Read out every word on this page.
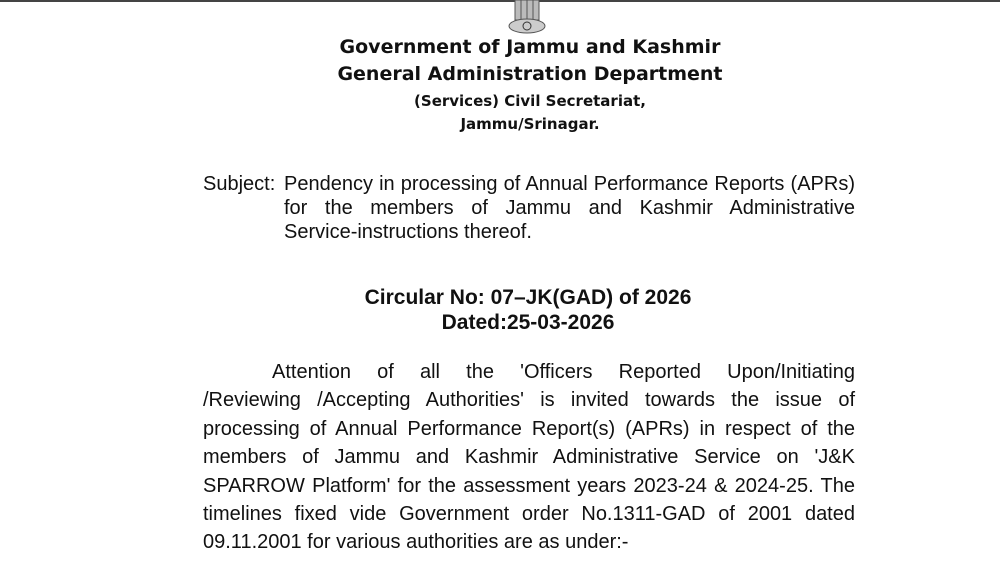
Government of Jammu and Kashmir
General Administration Department
(Services) Civil Secretariat,
Jammu/Srinagar.
Subject: Pendency in processing of Annual Performance Reports (APRs)
for the members of Jammu and Kashmir Administrative
Service-instructions thereof.
Circular No: 07–JK(GAD) of 2026
Dated:25-03-2026
Attention of all the 'Officers Reported Upon/Initiating
/Reviewing /Accepting Authorities' is invited towards the issue of
processing of Annual Performance Report(s) (APRs) in respect of the
members of Jammu and Kashmir Administrative Service on 'J&K
SPARROW Platform' for the assessment years 2023-24 & 2024-25. The
timelines fixed vide Government order No.1311-GAD of 2001 dated
09.11.2001 for various authorities are as under:-
